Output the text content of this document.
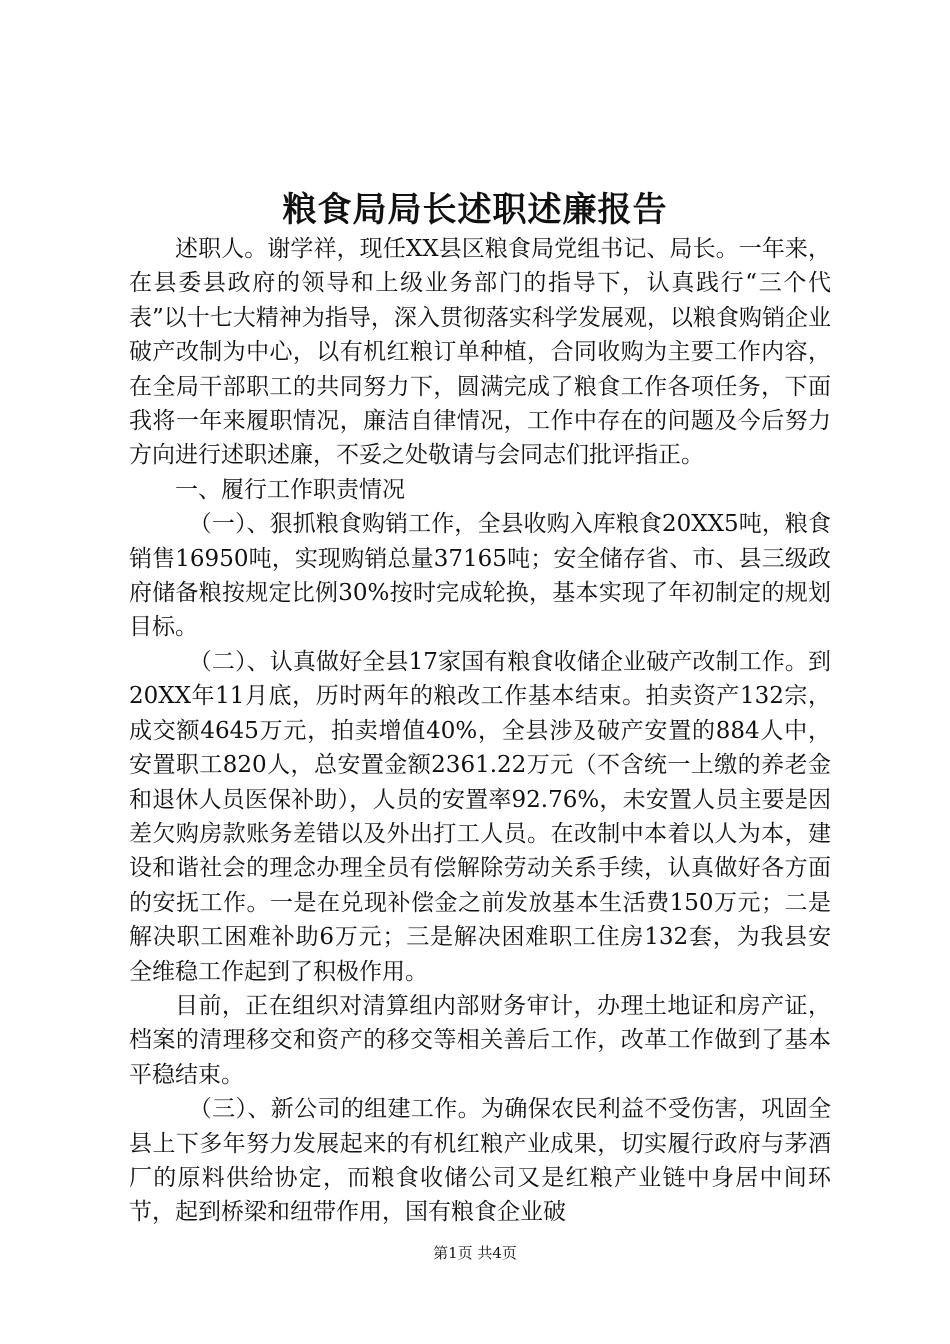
粮食局局长述职述廉报告

述职人。谢学祥，现任XX县区粮食局党组书记、局长。一年来，在县委县政府的领导和上级业务部门的指导下，认真践行“三个代表”以十七大精神为指导，深入贯彻落实科学发展观，以粮食购销企业破产改制为中心，以有机红粮订单种植，合同收购为主要工作内容，在全局干部职工的共同努力下，圆满完成了粮食工作各项任务，下面我将一年来履职情况，廉洁自律情况，工作中存在的问题及今后努力方向进行述职述廉，不妥之处敬请与会同志们批评指正。

一、履行工作职责情况

（一）、狠抓粮食购销工作，全县收购入库粮食20XX5吨，粮食销售16950吨，实现购销总量37165吨；安全储存省、市、县三级政府储备粮按规定比例30%按时完成轮换，基本实现了年初制定的规划目标。

（二）、认真做好全县17家国有粮食收储企业破产改制工作。到20XX年11月底，历时两年的粮改工作基本结束。拍卖资产132宗，成交额4645万元，拍卖增值40%，全县涉及破产安置的884人中，安置职工820人，总安置金额2361.22万元（不含统一上缴的养老金和退休人员医保补助），人员的安置率92.76%，未安置人员主要是因差欠购房款账务差错以及外出打工人员。在改制中本着以人为本，建设和谐社会的理念办理全员有偿解除劳动关系手续，认真做好各方面的安抚工作。一是在兑现补偿金之前发放基本生活费150万元；二是解决职工困难补助6万元；三是解决困难职工住房132套，为我县安全维稳工作起到了积极作用。

目前，正在组织对清算组内部财务审计，办理土地证和房产证，档案的清理移交和资产的移交等相关善后工作，改革工作做到了基本平稳结束。

（三）、新公司的组建工作。为确保农民利益不受伤害，巩固全县上下多年努力发展起来的有机红粮产业成果，切实履行政府与茅酒厂的原料供给协定，而粮食收储公司又是红粮产业链中身居中间环节，起到桥梁和纽带作用，国有粮食企业破

第1页 共4页
